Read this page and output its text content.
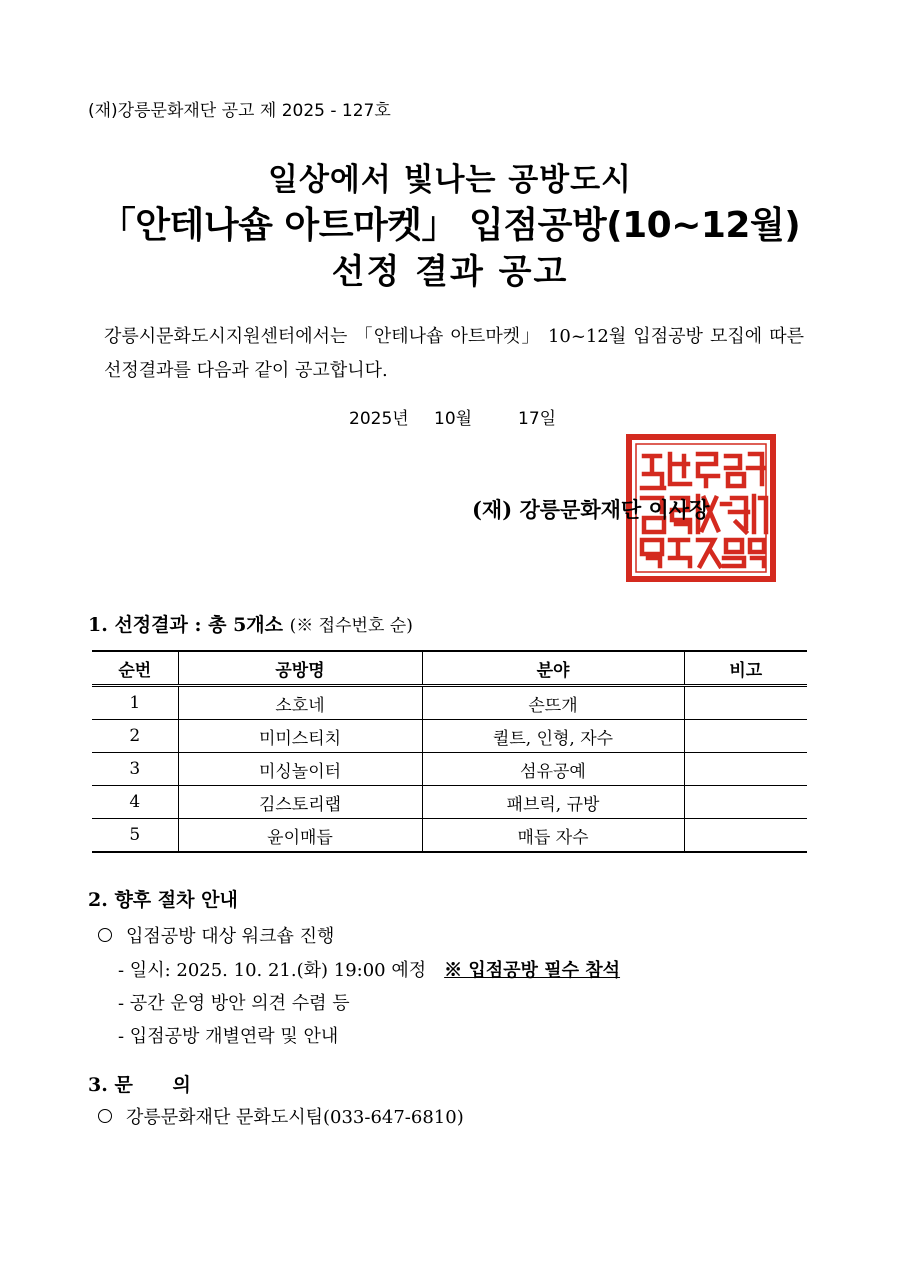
(재)강릉문화재단 공고 제 2025 - 127호
일상에서 빛나는 공방도시
「안테나숍 아트마켓」 입점공방(10~12월)
선정 결과 공고
강릉시문화도시지원센터에서는 「안테나숍 아트마켓」 10~12월 입점공방 모집에 따른 선정결과를 다음과 같이 공고합니다.
2025년 10월	17일
(재) 강릉문화재단 이사장
1. 선정결과 : 총 5개소 (※ 접수번호 순)
순번	공방명	분야	비고
1	소호네	손뜨개	
2	미미스티치	퀼트, 인형, 자수	
3	미싱놀이터	섬유공예	
4	김스토리랩	패브릭, 규방	
5	윤이매듭	매듭 자수	
2. 향후 절차 안내
입점공방 대상 워크숍 진행
- 일시: 2025. 10. 21.(화) 19:00 예정 ※ 입점공방 필수 참석
- 공간 운영 방안 의견 수렴 등
- 입점공방 개별연락 및 안내
3. 문      의
강릉문화재단 문화도시팀(033-647-6810)
